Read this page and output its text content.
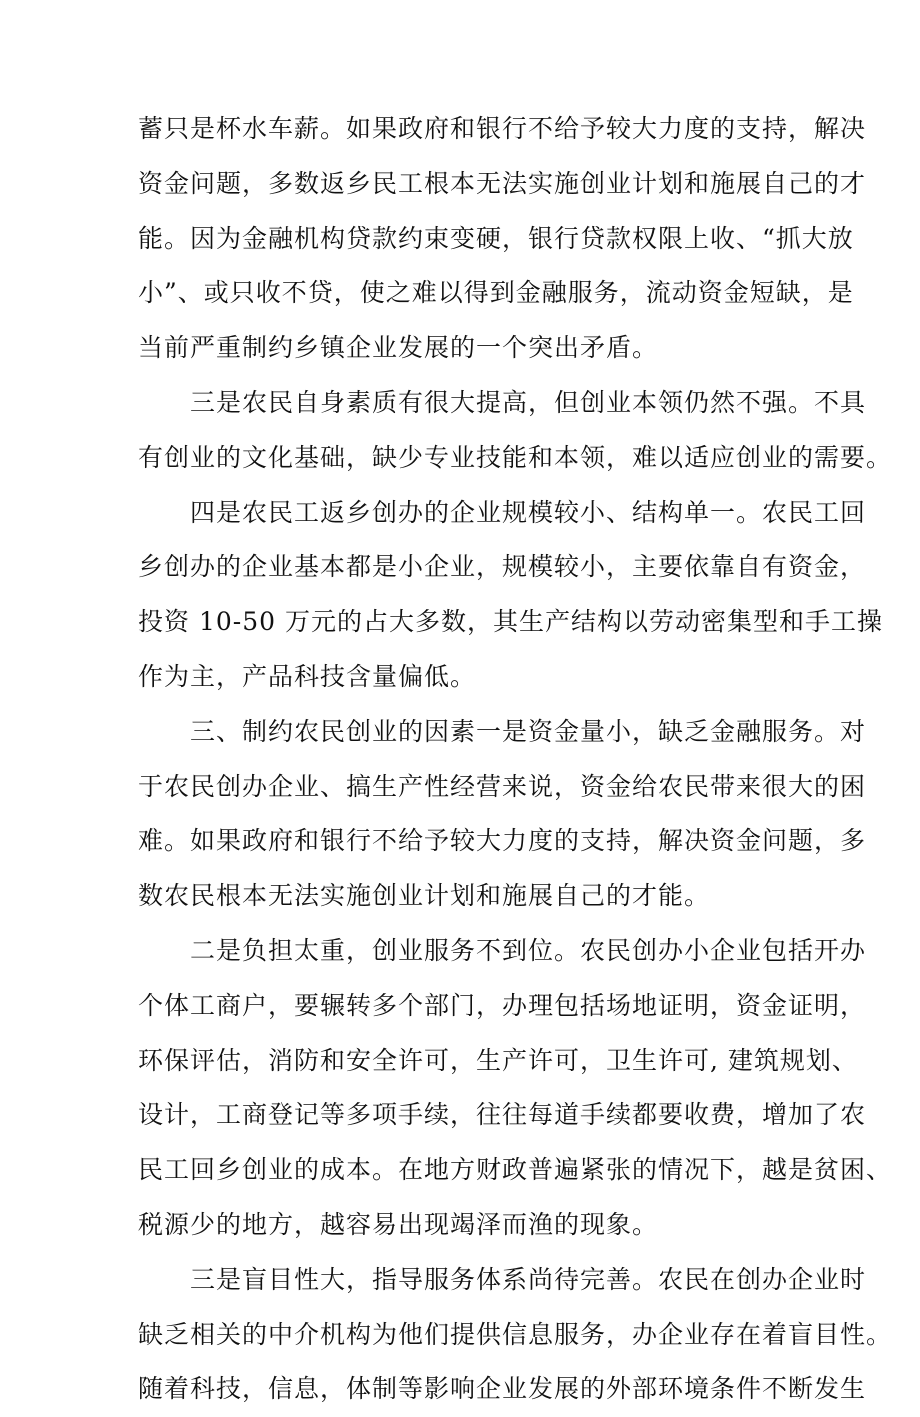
蓄只是杯水车薪。如果政府和银行不给予较大力度的支持，解决
资金问题，多数返乡民工根本无法实施创业计划和施展自己的才
能。因为金融机构贷款约束变硬，银行贷款权限上收、“抓大放
小”、或只收不贷，使之难以得到金融服务，流动资金短缺，是
当前严重制约乡镇企业发展的一个突出矛盾。
三是农民自身素质有很大提高，但创业本领仍然不强。不具
有创业的文化基础，缺少专业技能和本领，难以适应创业的需要。
四是农民工返乡创办的企业规模较小、结构单一。农民工回
乡创办的企业基本都是小企业，规模较小，主要依靠自有资金，
投资 10-50 万元的占大多数，其生产结构以劳动密集型和手工操
作为主，产品科技含量偏低。
三、制约农民创业的因素一是资金量小，缺乏金融服务。对
于农民创办企业、搞生产性经营来说，资金给农民带来很大的困
难。如果政府和银行不给予较大力度的支持，解决资金问题，多
数农民根本无法实施创业计划和施展自己的才能。
二是负担太重，创业服务不到位。农民创办小企业包括开办
个体工商户，要辗转多个部门，办理包括场地证明，资金证明，
环保评估，消防和安全许可，生产许可，卫生许可, 建筑规划、
设计，工商登记等多项手续，往往每道手续都要收费，增加了农
民工回乡创业的成本。在地方财政普遍紧张的情况下，越是贫困、
税源少的地方，越容易出现竭泽而渔的现象。
三是盲目性大，指导服务体系尚待完善。农民在创办企业时
缺乏相关的中介机构为他们提供信息服务，办企业存在着盲目性。
随着科技，信息，体制等影响企业发展的外部环境条件不断发生
